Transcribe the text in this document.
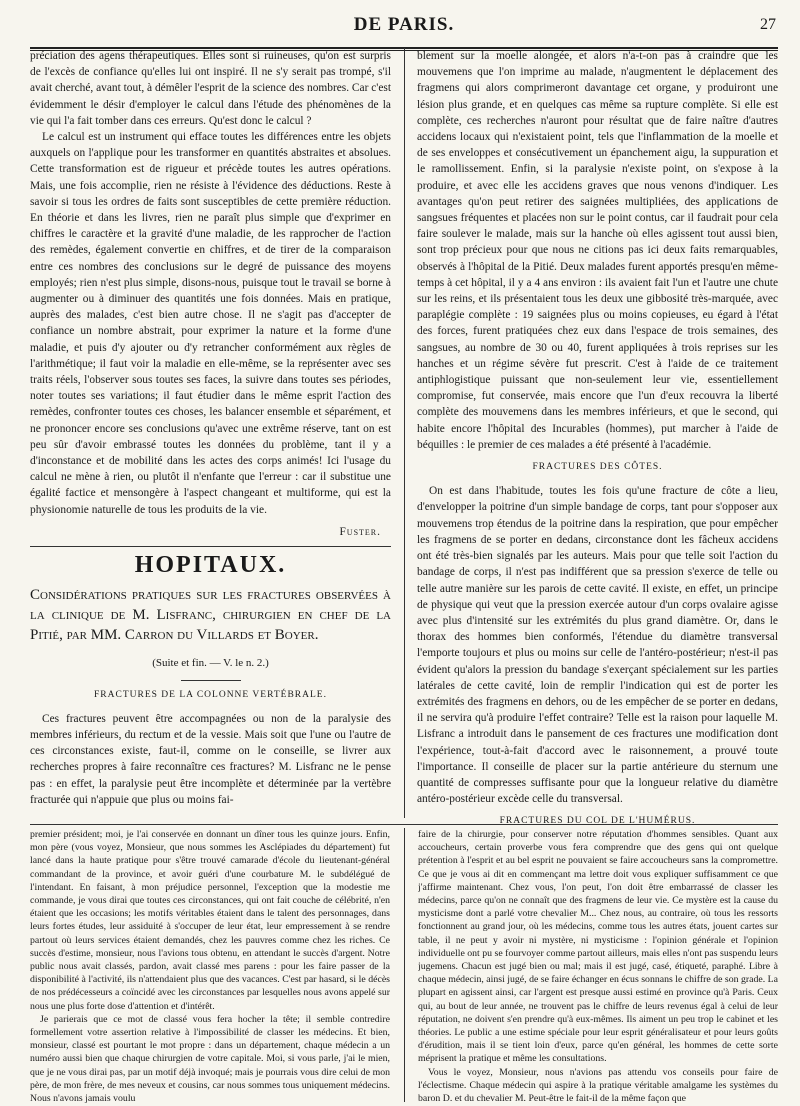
DE PARIS.	27

préciation des agens thérapeutiques. Elles sont si ruineuses, qu'on est surpris de l'excès de confiance qu'elles lui ont inspiré. Il ne s'y serait pas trompé, s'il avait cherché, avant tout, à démêler l'esprit de la science des nombres. Car c'est évidemment le désir d'employer le calcul dans l'étude des phénomènes de la vie qui l'a fait tomber dans ces erreurs. Qu'est donc le calcul ?

Le calcul est un instrument qui efface toutes les différences entre les objets auxquels on l'applique pour les transformer en quantités abstraites et absolues. Cette transformation est de rigueur et précède toutes les autres opérations. Mais, une fois accomplie, rien ne résiste à l'évidence des déductions. Reste à savoir si tous les ordres de faits sont susceptibles de cette première réduction. En théorie et dans les livres, rien ne paraît plus simple que d'exprimer en chiffres le caractère et la gravité d'une maladie, de les rapprocher de l'action des remèdes, également convertie en chiffres, et de tirer de la comparaison entre ces nombres des conclusions sur le degré de puissance des moyens employés; rien n'est plus simple, disons-nous, puisque tout le travail se borne à augmenter ou à diminuer des quantités une fois données. Mais en pratique, auprès des malades, c'est bien autre chose. Il ne s'agit pas d'accepter de confiance un nombre abstrait, pour exprimer la nature et la forme d'une maladie, et puis d'y ajouter ou d'y retrancher conformément aux règles de l'arithmétique; il faut voir la maladie en elle-même, se la représenter avec ses traits réels, l'observer sous toutes ses faces, la suivre dans toutes ses périodes, noter toutes ses variations; il faut étudier dans le même esprit l'action des remèdes, confronter toutes ces choses, les balancer ensemble et séparément, et ne prononcer encore ses conclusions qu'avec une extrême réserve, tant on est peu sûr d'avoir embrassé toutes les données du problème, tant il y a d'inconstance et de mobilité dans les actes des corps animés! Ici l'usage du calcul ne mène à rien, ou plutôt il n'enfante que l'erreur : car il substitue une égalité factice et mensongère à l'aspect changeant et multiforme, qui est la physionomie naturelle de tous les produits de la vie.

Fuster.

HOPITAUX.

Considérations pratiques sur les fractures observées à la clinique de M. Lisfranc, chirurgien en chef de la Pitié, par MM. Carron du Villards et Boyer.

(Suite et fin. — V. le n. 2.)

FRACTURES DE LA COLONNE VERTÉBRALE.

Ces fractures peuvent être accompagnées ou non de la paralysie des membres inférieurs, du rectum et de la vessie. Mais soit que l'une ou l'autre de ces circonstances existe, faut-il, comme on le conseille, se livrer aux recherches propres à faire reconnaître ces fractures? M. Lisfranc ne le pense pas : en effet, la paralysie peut être incomplète et déterminée par la vertèbre fracturée qui n'appuie que plus ou moins fai-

blement sur la moelle alongée, et alors n'a-t-on pas à craindre que les mouvemens que l'on imprime au malade, n'augmentent le déplacement des fragmens qui alors comprimeront davantage cet organe, y produiront une lésion plus grande, et en quelques cas même sa rupture complète. Si elle est complète, ces recherches n'auront pour résultat que de faire naître d'autres accidens locaux qui n'existaient point, tels que l'inflammation de la moelle et de ses enveloppes et consécutivement un épanchement aigu, la suppuration et le ramollissement. Enfin, si la paralysie n'existe point, on s'expose à la produire, et avec elle les accidens graves que nous venons d'indiquer. Les avantages qu'on peut retirer des saignées multipliées, des applications de sangsues fréquentes et placées non sur le point contus, car il faudrait pour cela faire soulever le malade, mais sur la hanche où elles agissent tout aussi bien, sont trop précieux pour que nous ne citions pas ici deux faits remarquables, observés à l'hôpital de la Pitié. Deux malades furent apportés presqu'en même-temps à cet hôpital, il y a 4 ans environ : ils avaient fait l'un et l'autre une chute sur les reins, et ils présentaient tous les deux une gibbosité très-marquée, avec paraplégie complète : 19 saignées plus ou moins copieuses, eu égard à l'état des forces, furent pratiquées chez eux dans l'espace de trois semaines, des sangsues, au nombre de 30 ou 40, furent appliquées à trois reprises sur les hanches et un régime sévère fut prescrit. C'est à l'aide de ce traitement antiphlogistique puissant que non-seulement leur vie, essentiellement compromise, fut conservée, mais encore que l'un d'eux recouvra la liberté complète des mouvemens dans les membres inférieurs, et que le second, qui habite encore l'hôpital des Incurables (hommes), put marcher à l'aide de béquilles : le premier de ces malades a été présenté à l'académie.

FRACTURES DES CÔTES.

On est dans l'habitude, toutes les fois qu'une fracture de côte a lieu, d'envelopper la poitrine d'un simple bandage de corps, tant pour s'opposer aux mouvemens trop étendus de la poitrine dans la respiration, que pour empêcher les fragmens de se porter en dedans, circonstance dont les fâcheux accidens ont été très-bien signalés par les auteurs. Mais pour que telle soit l'action du bandage de corps, il n'est pas indifférent que sa pression s'exerce de telle ou telle autre manière sur les parois de cette cavité. Il existe, en effet, un principe de physique qui veut que la pression exercée autour d'un corps ovalaire agisse avec plus d'intensité sur les extrémités du plus grand diamètre. Or, dans le thorax des hommes bien conformés, l'étendue du diamètre transversal l'emporte toujours et plus ou moins sur celle de l'antéro-postérieur; n'est-il pas évident qu'alors la pression du bandage s'exerçant spécialement sur les parties latérales de cette cavité, loin de remplir l'indication qui est de porter les extrémités des fragmens en dehors, ou de les empêcher de se porter en dedans, il ne servira qu'à produire l'effet contraire? Telle est la raison pour laquelle M. Lisfranc a introduit dans le pansement de ces fractures une modification dont l'expérience, tout-à-fait d'accord avec le raisonnement, a prouvé toute l'importance. Il conseille de placer sur la partie antérieure du sternum une quantité de compresses suffisante pour que la longueur relative du diamètre antéro-postérieur excède celle du transversal.

FRACTURES DU COL DE L'HUMÉRUS.

premier président; moi, je l'ai conservée en donnant un dîner tous les quinze jours. Enfin, mon père (vous voyez, Monsieur, que nous sommes les Asclépiades du département) fut lancé dans la haute pratique pour s'être trouvé camarade d'école du lieutenant-général commandant de la province, et avoir guéri d'une courbature M. le subdélégué de l'intendant. En faisant, à mon préjudice personnel, l'exception que la modestie me commande, je vous dirai que toutes ces circonstances, qui ont fait couche de célébrité, n'en étaient que les occasions; les motifs véritables étaient dans le talent des personnages, dans leurs fortes études, leur assiduité à s'occuper de leur état, leur empressement à se rendre partout où leurs services étaient demandés, chez les pauvres comme chez les riches. Ce succès d'estime, monsieur, nous l'avions tous obtenu, en attendant le succès d'argent. Notre public nous avait classés, pardon, avait classé mes parens : pour les faire passer de la disponibilité à l'activité, ils n'attendaient plus que des vacances. C'est par hasard, si le décès de nos prédécesseurs a coïncidé avec les circonstances par lesquelles nous avons appelé sur nous une plus forte dose d'attention et d'intérêt.

Je parierais que ce mot de classé vous fera hocher la tête; il semble contredire formellement votre assertion relative à l'impossibilité de classer les médecins. Et bien, monsieur, classé est pourtant le mot propre : dans un département, chaque médecin a un numéro aussi bien que chaque chirurgien de votre capitale. Moi, si vous parle, j'ai le mien, que je ne vous dirai pas, par un motif déjà invoqué; mais je pourrais vous dire celui de mon père, de mon frère, de mes neveux et cousins, car nous sommes tous uniquement médecins. Nous n'avons jamais voulu

faire de la chirurgie, pour conserver notre réputation d'hommes sensibles. Quant aux accoucheurs, certain proverbe vous fera comprendre que des gens qui ont quelque prétention à l'esprit et au bel esprit ne pouvaient se faire accoucheurs sans la compromettre. Ce que je vous ai dit en commençant ma lettre doit vous expliquer suffisamment ce que j'affirme maintenant. Chez vous, l'on peut, l'on doit être embarrassé de classer les médecins, parce qu'on ne connaît que des fragmens de leur vie. Ce mystère est la cause du mysticisme dont a parlé votre chevalier M... Chez nous, au contraire, où tous les ressorts fonctionnent au grand jour, où les médecins, comme tous les autres états, jouent cartes sur table, il ne peut y avoir ni mystère, ni mysticisme : l'opinion générale et l'opinion individuelle ont pu se fourvoyer comme partout ailleurs, mais elles n'ont pas suspendu leurs jugemens. Chacun est jugé bien ou mal; mais il est jugé, casé, étiqueté, paraphé. Libre à chaque médecin, ainsi jugé, de se faire échanger en écus sonnans le chiffre de son grade. La plupart en agissent ainsi, car l'argent est presque aussi estimé en province qu'à Paris. Ceux qui, au bout de leur année, ne trouvent pas le chiffre de leurs revenus égal à celui de leur réputation, ne doivent s'en prendre qu'à eux-mêmes. Ils aiment un peu trop le cabinet et les théories. Le public a une estime spéciale pour leur esprit généralisateur et pour leurs goûts d'érudition, mais il se tient loin d'eux, parce qu'en général, les hommes de cette sorte méprisent la pratique et même les consultations.

Vous le voyez, Monsieur, nous n'avions pas attendu vos conseils pour faire de l'éclectisme. Chaque médecin qui aspire à la pratique véritable amalgame les systèmes du baron D. et du chevalier M. Peut-être le fait-il de la même façon que
